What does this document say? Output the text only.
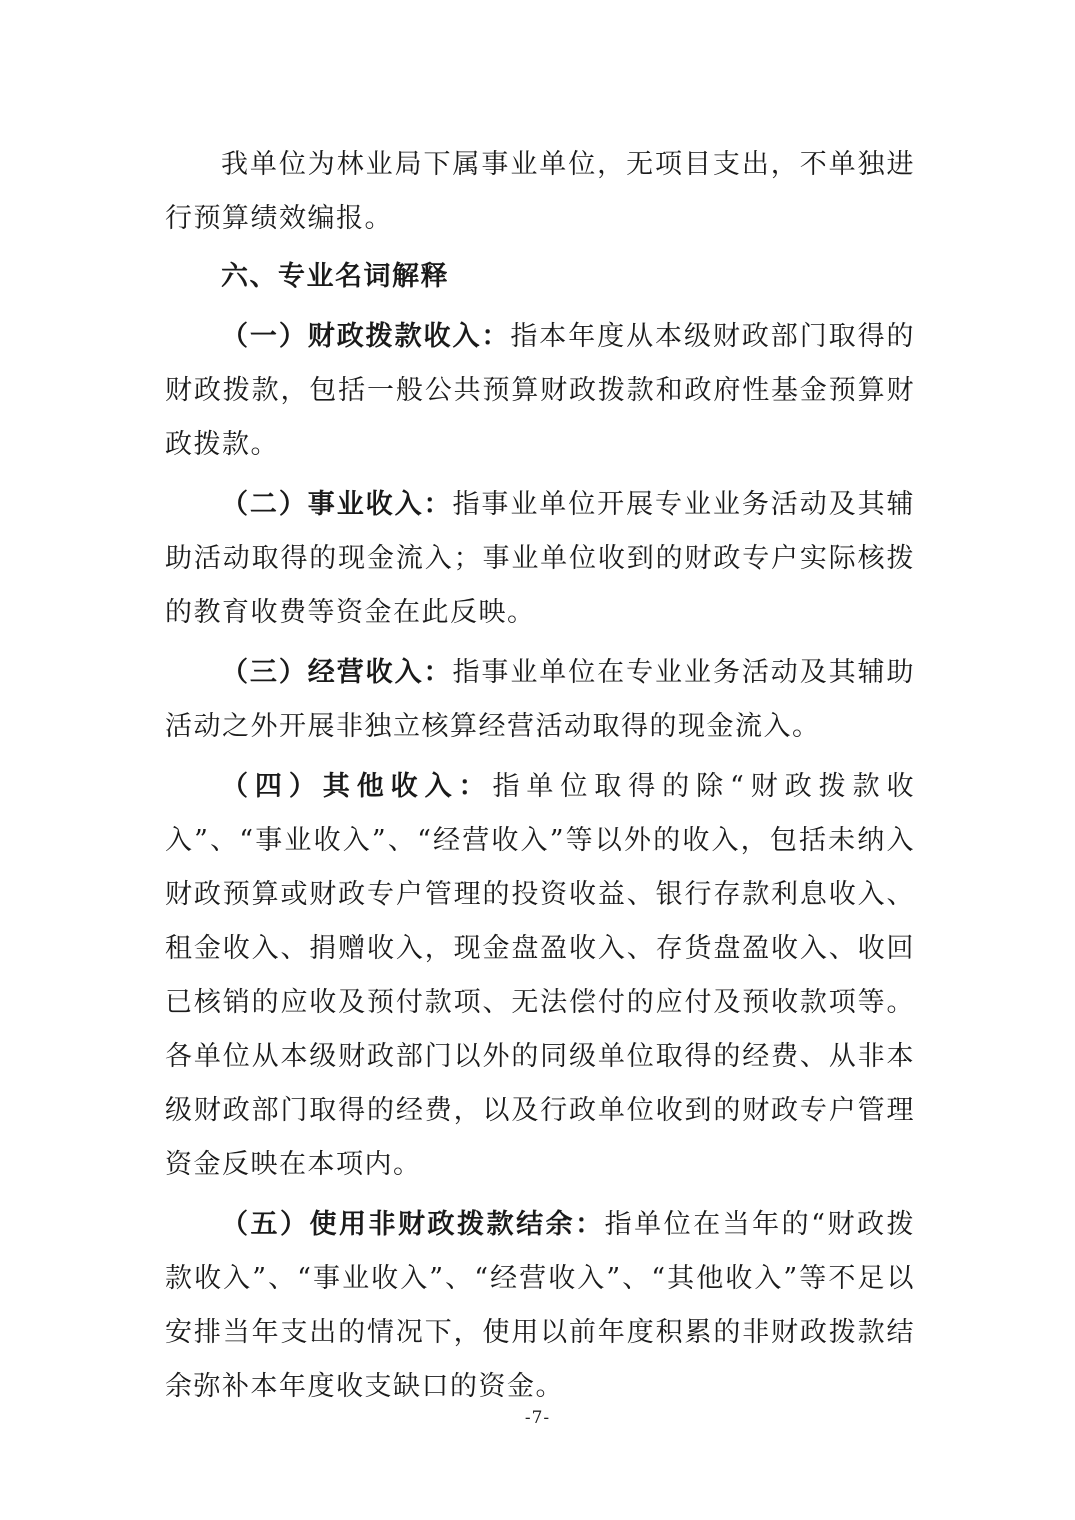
我单位为林业局下属事业单位，无项目支出，不单独进行预算绩效编报。

六、专业名词解释

（一）财政拨款收入：指本年度从本级财政部门取得的财政拨款，包括一般公共预算财政拨款和政府性基金预算财政拨款。

（二）事业收入：指事业单位开展专业业务活动及其辅助活动取得的现金流入；事业单位收到的财政专户实际核拨的教育收费等资金在此反映。

（三）经营收入：指事业单位在专业业务活动及其辅助活动之外开展非独立核算经营活动取得的现金流入。

（四）其他收入：指单位取得的除“财政拨款收入”、“事业收入”、“经营收入”等以外的收入，包括未纳入财政预算或财政专户管理的投资收益、银行存款利息收入、租金收入、捐赠收入，现金盘盈收入、存货盘盈收入、收回已核销的应收及预付款项、无法偿付的应付及预收款项等。各单位从本级财政部门以外的同级单位取得的经费、从非本级财政部门取得的经费，以及行政单位收到的财政专户管理资金反映在本项内。

（五）使用非财政拨款结余：指单位在当年的“财政拨款收入”、“事业收入”、“经营收入”、“其他收入”等不足以安排当年支出的情况下，使用以前年度积累的非财政拨款结余弥补本年度收支缺口的资金。

-7-
